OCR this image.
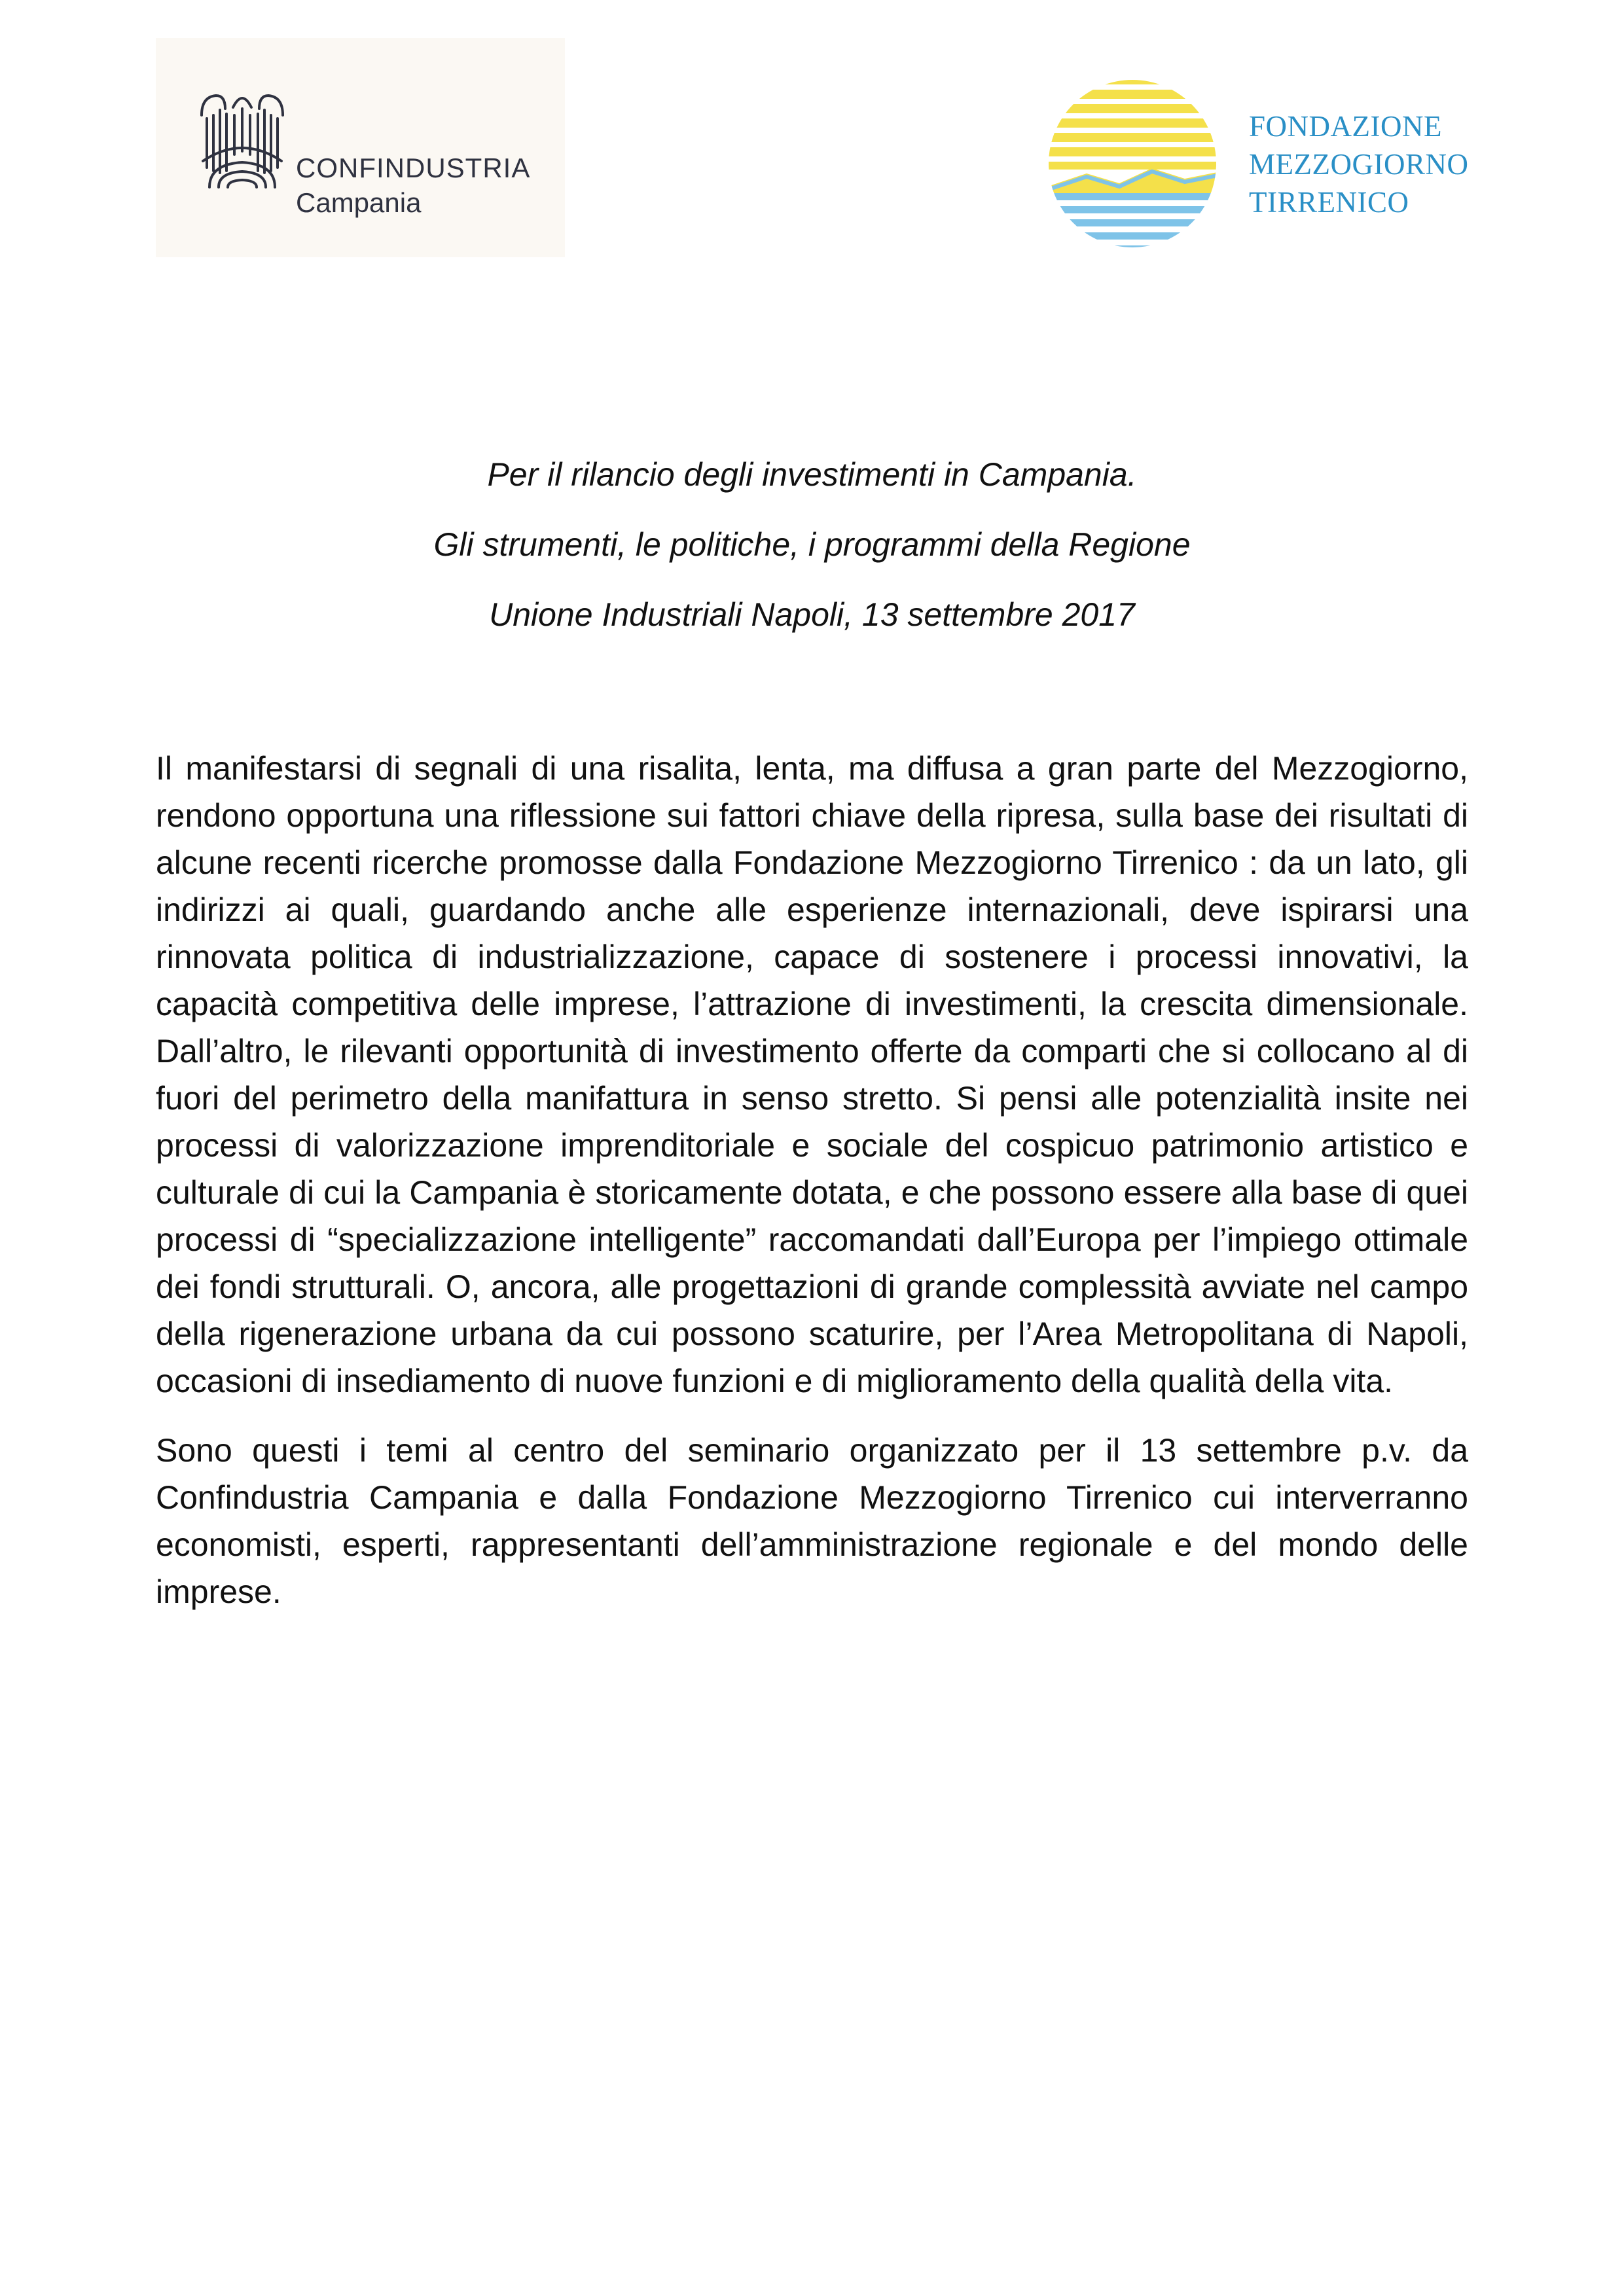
CONFINDUSTRIA
Campania
FONDAZIONE
MEZZOGIORNO
TIRRENICO

Per il rilancio degli investimenti in Campania.

Gli strumenti, le politiche, i programmi della Regione

Unione Industriali Napoli, 13 settembre 2017

Il manifestarsi di segnali di una risalita, lenta, ma diffusa a gran parte del Mezzogiorno, rendono opportuna una riflessione sui fattori chiave della ripresa, sulla base dei risultati di alcune recenti ricerche promosse dalla Fondazione Mezzogiorno Tirrenico : da un lato, gli indirizzi ai quali, guardando anche alle esperienze internazionali, deve ispirarsi una rinnovata politica di industrializzazione, capace di sostenere i processi innovativi, la capacità competitiva delle imprese, l’attrazione di investimenti, la crescita dimensionale. Dall’altro, le rilevanti opportunità di investimento offerte da comparti che si collocano al di fuori del perimetro della manifattura in senso stretto. Si pensi alle potenzialità insite nei processi di valorizzazione imprenditoriale e sociale del cospicuo patrimonio artistico e culturale di cui la Campania è storicamente dotata, e che possono essere alla base di quei processi di “specializzazione intelligente” raccomandati dall’Europa per l’impiego ottimale dei fondi strutturali. O, ancora, alle progettazioni di grande complessità avviate nel campo della rigenerazione urbana da cui possono scaturire, per l’Area Metropolitana di Napoli, occasioni di insediamento di nuove funzioni e di miglioramento della qualità della vita.

Sono questi i temi al centro del seminario organizzato per il 13 settembre p.v. da Confindustria Campania e dalla Fondazione Mezzogiorno Tirrenico cui interverranno economisti, esperti, rappresentanti dell’amministrazione regionale e del mondo delle imprese.
